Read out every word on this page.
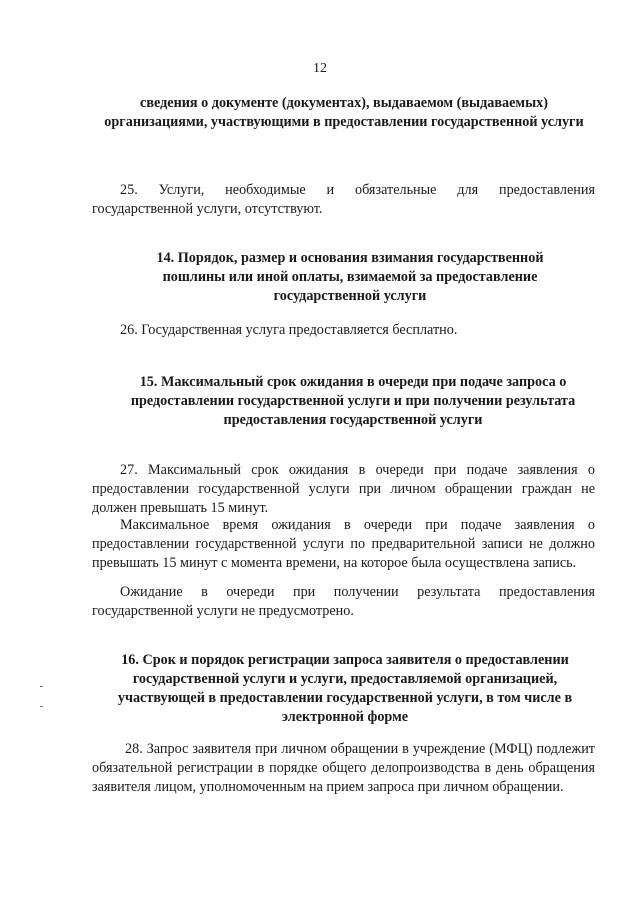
12
сведения о документе (документах), выдаваемом (выдаваемых) организациями, участвующими в предоставлении государственной услуги
25. Услуги, необходимые и обязательные для предоставления государственной услуги, отсутствуют.
14. Порядок, размер и основания взимания государственной пошлины или иной оплаты, взимаемой за предоставление государственной услуги
26. Государственная услуга предоставляется бесплатно.
15. Максимальный срок ожидания в очереди при подаче запроса о предоставлении государственной услуги и при получении результата предоставления государственной услуги
27. Максимальный срок ожидания в очереди при подаче заявления о предоставлении государственной услуги при личном обращении граждан не должен превышать 15 минут.
Максимальное время ожидания в очереди при подаче заявления о предоставлении государственной услуги по предварительной записи не должно превышать 15 минут с момента времени, на которое была осуществлена запись.
Ожидание в очереди при получении результата предоставления государственной услуги не предусмотрено.
16. Срок и порядок регистрации запроса заявителя о предоставлении государственной услуги и услуги, предоставляемой организацией, участвующей в предоставлении государственной услуги, в том числе в электронной форме
28. Запрос заявителя при личном обращении в учреждение (МФЦ) подлежит обязательной регистрации в порядке общего делопроизводства в день обращения заявителя лицом, уполномоченным на прием запроса при личном обращении.
